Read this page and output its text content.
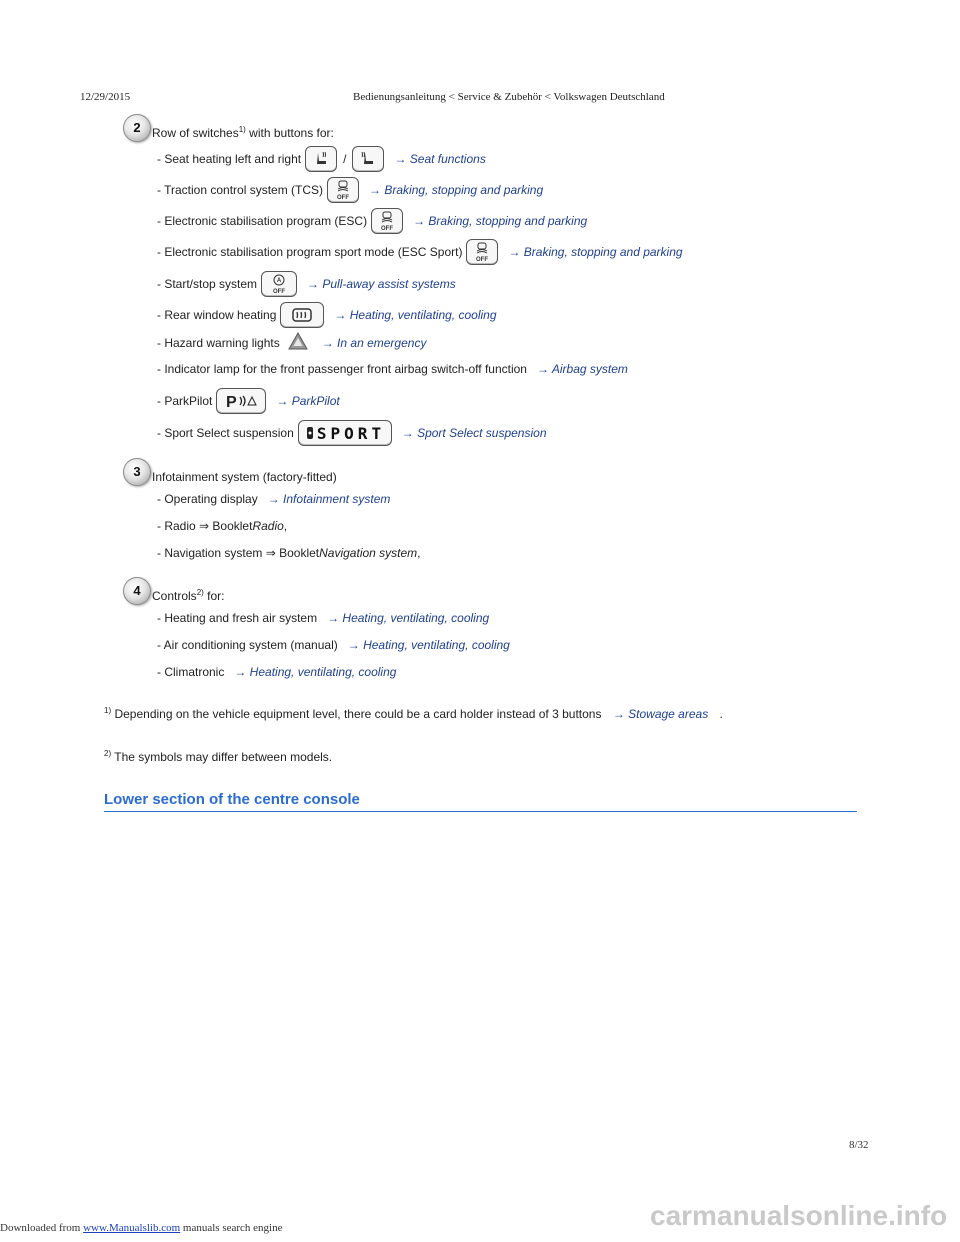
12/29/2015	Bedienungsanleitung < Service & Zubehör < Volkswagen Deutschland
2 Row of switches$^{1)}$ with buttons for:
- Seat heating left and right	/	→ Seat functions
- Traction control system (TCS)
OFF
→ Braking, stopping and parking
- Electronic stabilisation program (ESC)
OFF
→ Braking, stopping and parking
- Electronic stabilisation program sport mode (ESC Sport)
OFF
→ Braking, stopping and parking
- Start/stop system	A
OFF
→ Pull-away assist systems
- Rear window heating	→ Heating, ventilating, cooling
- Hazard warning lights	→ In an emergency
- Indicator lamp for the front passenger front airbag switch-off function → Airbag system
- ParkPilot P	→ ParkPilot
- Sport Select suspension SPORT → Sport Select suspension
3 Infotainment system (factory-fitted)
- Operating display → Infotainment system
- Radio ⇒ Booklet Radio ,
- Navigation system ⇒ Booklet Navigation system ,
4 Controls$^{2)}$ for:
- Heating and fresh air system → Heating, ventilating, cooling
- Air conditioning system (manual) → Heating, ventilating, cooling
- Climatronic → Heating, ventilating, cooling
$^{1)}$ Depending on the vehicle equipment level, there could be a card holder instead of 3 buttons → Stowage areas .
$^{2)}$ The symbols may differ between models.
Lower section of the centre console
8/32
Downloaded from www.Manualslib.com manuals search engine	carmanualsonline.info
